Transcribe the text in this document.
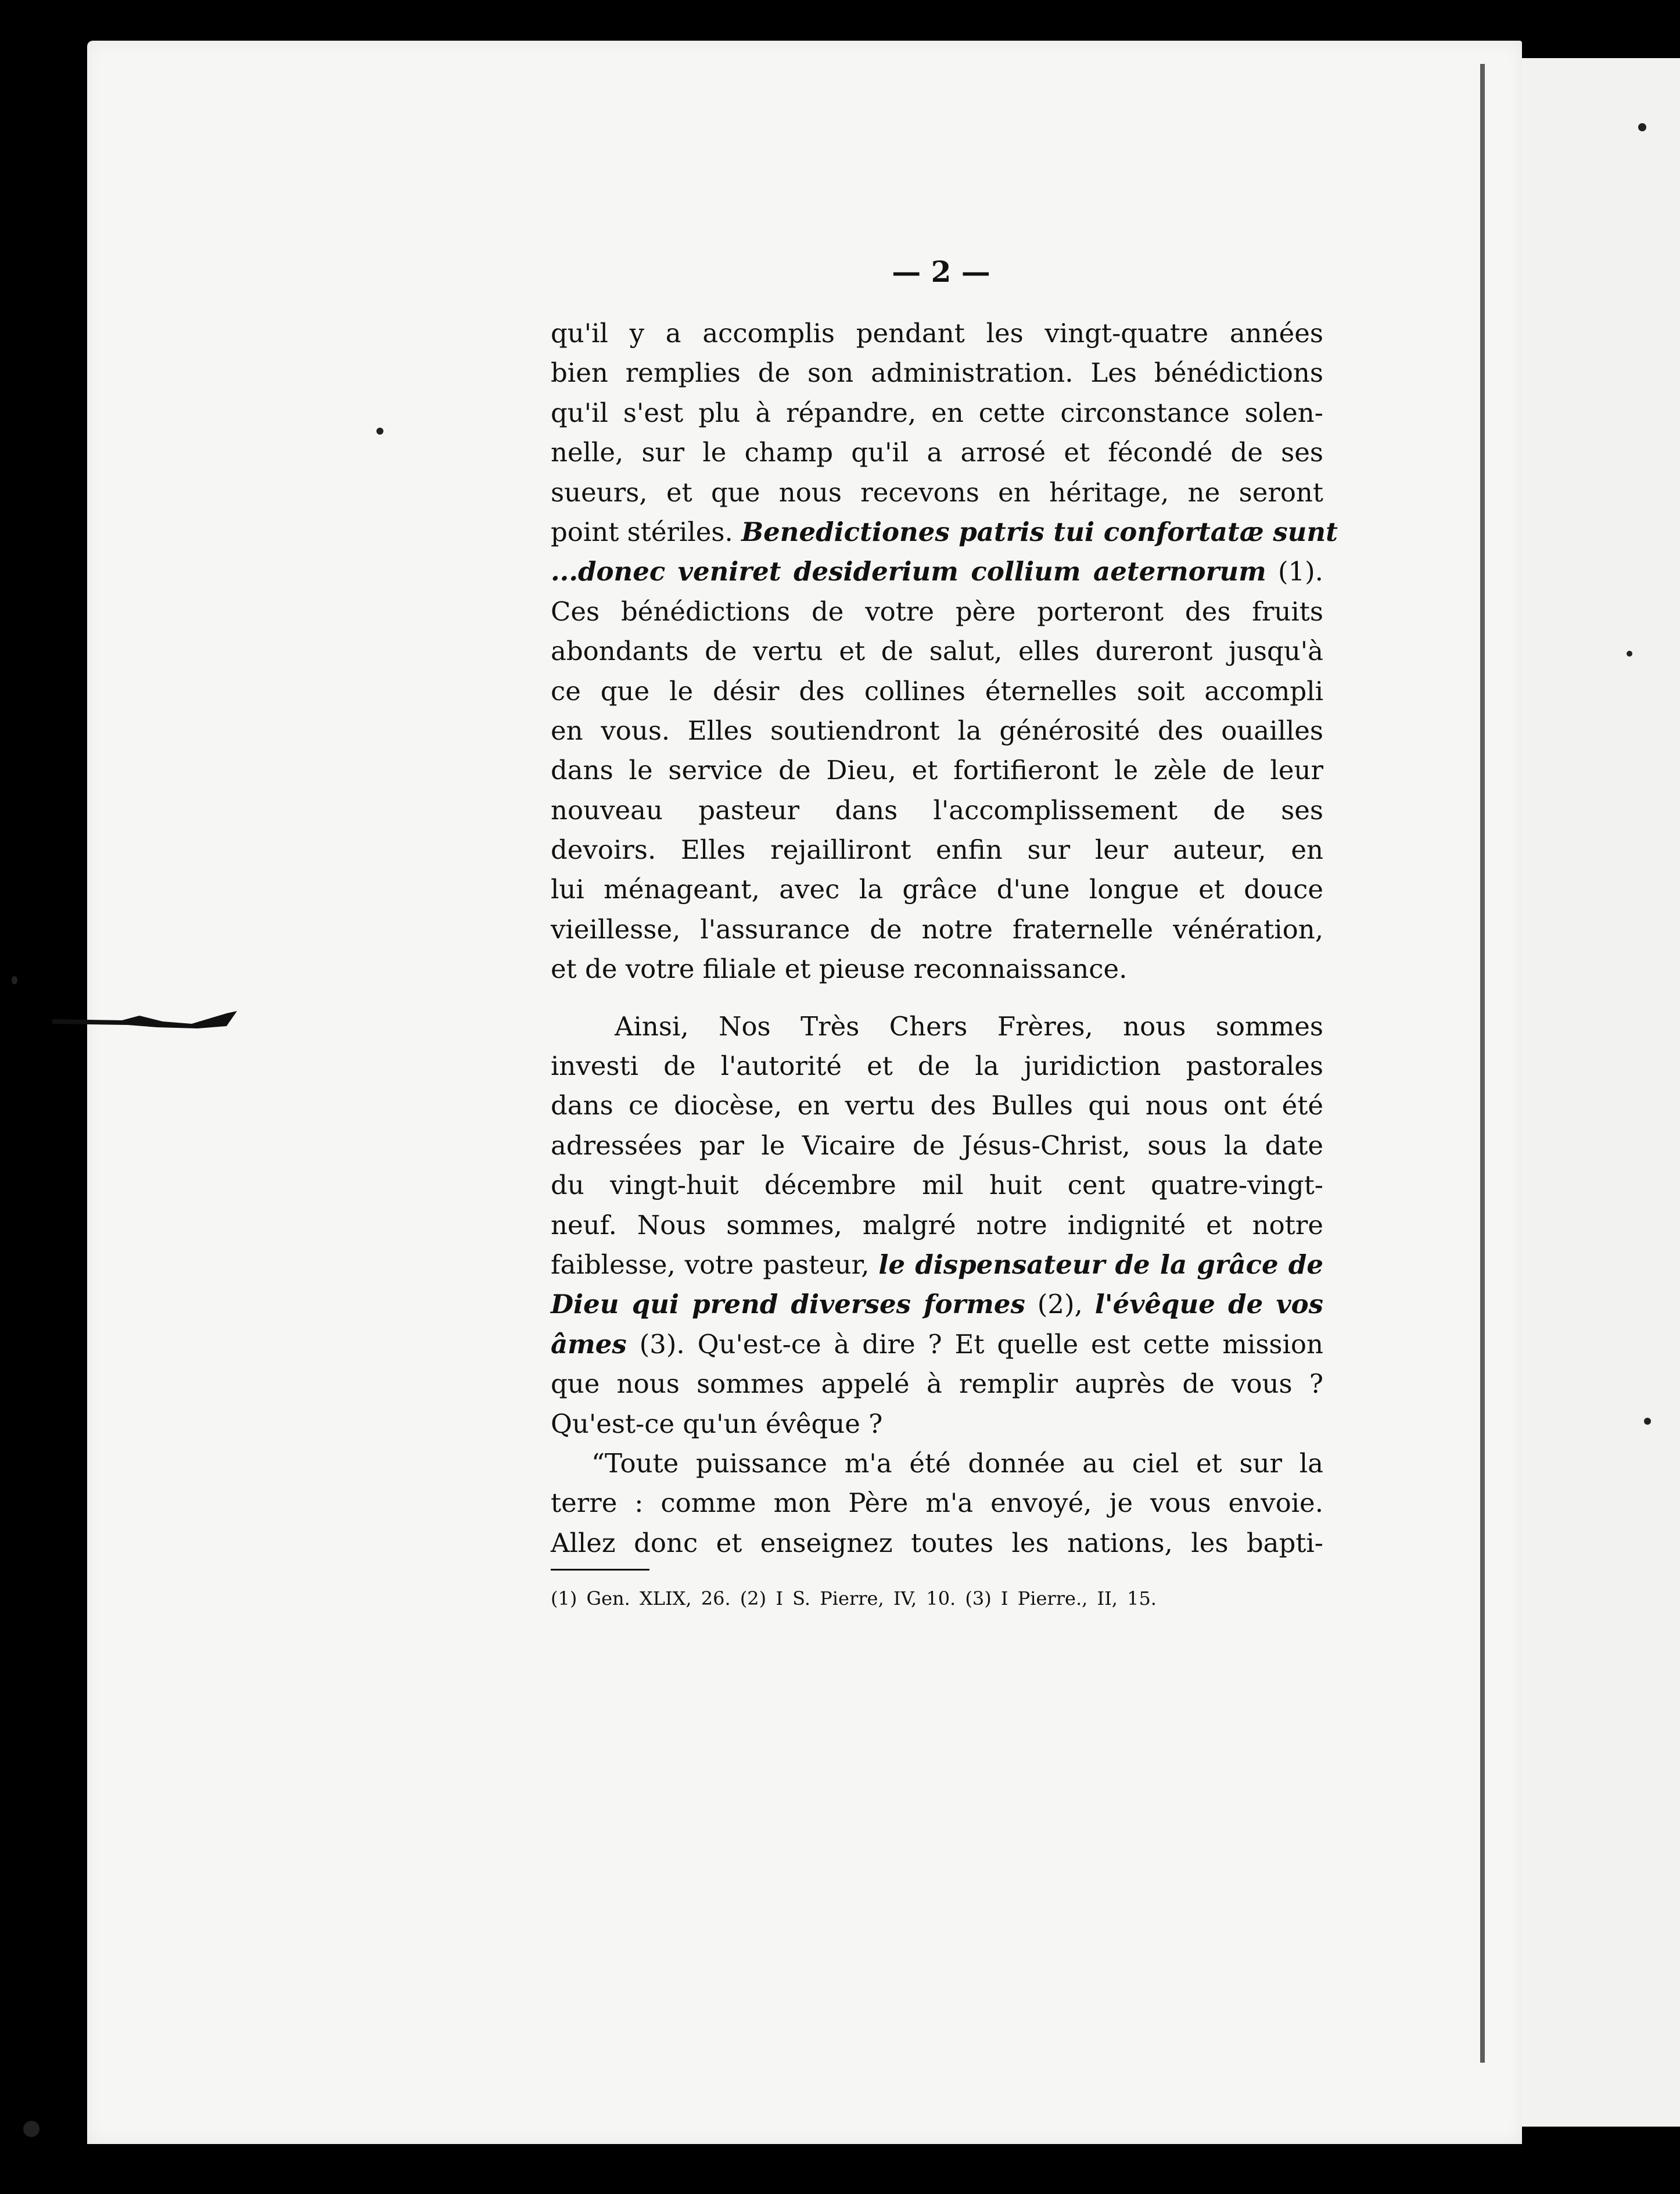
— 2 —
qu'il y a accomplis pendant les vingt-quatre années
bien remplies de son administration. Les bénédictions
qu'il s'est plu à répandre, en cette circonstance solen-
nelle, sur le champ qu'il a arrosé et fécondé de ses
sueurs, et que nous recevons en héritage, ne seront
point stériles. Benedictiones patris tui confortatæ sunt
...donec veniret desiderium collium aeternorum (1).
Ces bénédictions de votre père porteront des fruits
abondants de vertu et de salut, elles dureront jusqu'à
ce que le désir des collines éternelles soit accompli
en vous. Elles soutiendront la générosité des ouailles
dans le service de Dieu, et fortifieront le zèle de leur
nouveau pasteur dans l'accomplissement de ses
devoirs. Elles rejailliront enfin sur leur auteur, en
lui ménageant, avec la grâce d'une longue et douce
vieillesse, l'assurance de notre fraternelle vénération,
et de votre filiale et pieuse reconnaissance.
Ainsi, Nos Très Chers Frères, nous sommes
investi de l'autorité et de la juridiction pastorales
dans ce diocèse, en vertu des Bulles qui nous ont été
adressées par le Vicaire de Jésus-Christ, sous la date
du vingt-huit décembre mil huit cent quatre-vingt-
neuf. Nous sommes, malgré notre indignité et notre
faiblesse, votre pasteur, le dispensateur de la grâce de
Dieu qui prend diverses formes (2), l'évêque de vos
âmes (3). Qu'est-ce à dire ? Et quelle est cette mission
que nous sommes appelé à remplir auprès de vous ?
Qu'est-ce qu'un évêque ?
“Toute puissance m'a été donnée au ciel et sur la
terre : comme mon Père m'a envoyé, je vous envoie.
Allez donc et enseignez toutes les nations, les bapti-
(1) Gen. XLIX, 26. (2) I S. Pierre, IV, 10. (3) I Pierre., II, 15.
